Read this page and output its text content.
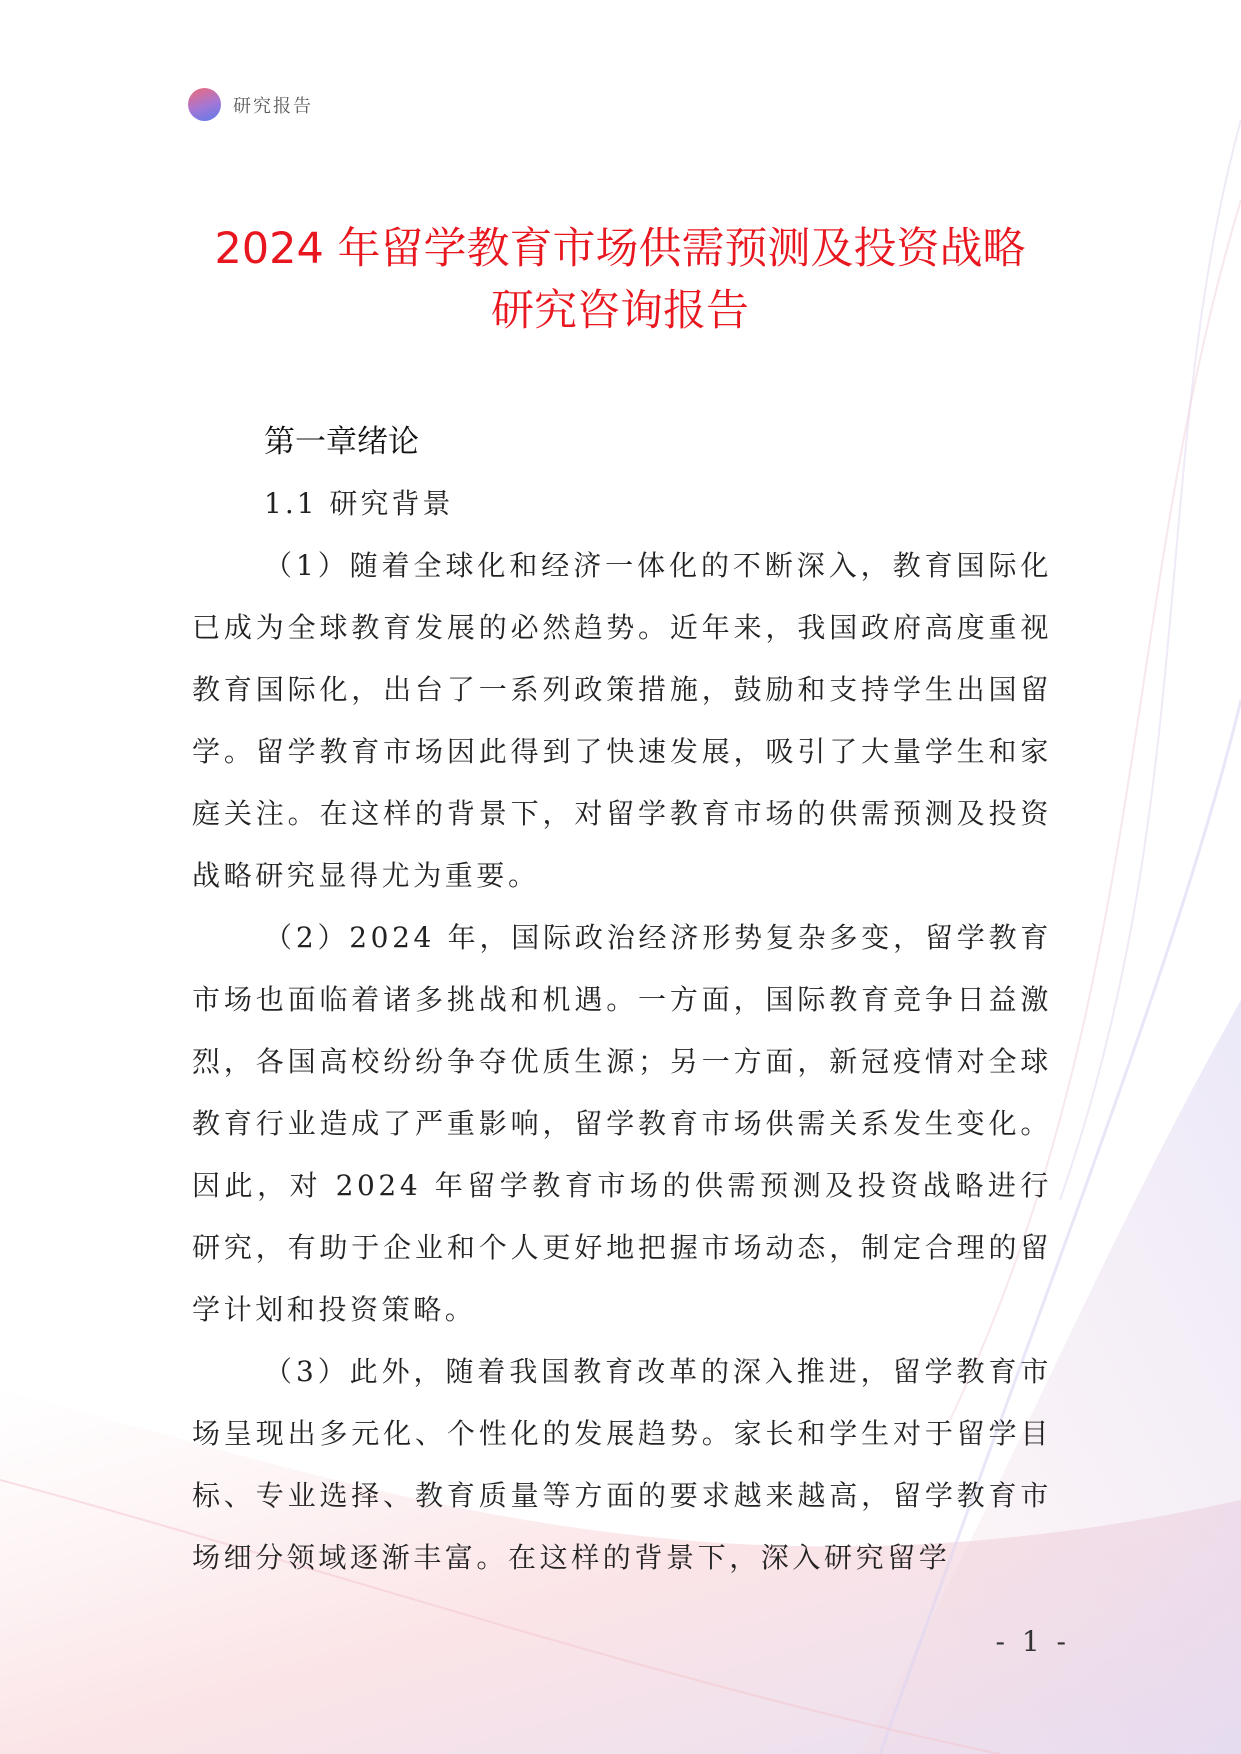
研究报告
2024 年留学教育市场供需预测及投资战略
研究咨询报告
第一章绪论
1.1 研究背景

（1）随着全球化和经济一体化的不断深入，教育国际化已成为全球教育发展的必然趋势。近年来，我国政府高度重视教育国际化，出台了一系列政策措施，鼓励和支持学生出国留学。留学教育市场因此得到了快速发展，吸引了大量学生和家庭关注。在这样的背景下，对留学教育市场的供需预测及投资战略研究显得尤为重要。

（2）2024 年，国际政治经济形势复杂多变，留学教育市场也面临着诸多挑战和机遇。一方面，国际教育竞争日益激烈，各国高校纷纷争夺优质生源；另一方面，新冠疫情对全球教育行业造成了严重影响，留学教育市场供需关系发生变化。因此，对 2024 年留学教育市场的供需预测及投资战略进行研究，有助于企业和个人更好地把握市场动态，制定合理的留学计划和投资策略。

（3）此外，随着我国教育改革的深入推进，留学教育市场呈现出多元化、个性化的发展趋势。家长和学生对于留学目标、专业选择、教育质量等方面的要求越来越高，留学教育市场细分领域逐渐丰富。在这样的背景下，深入研究留学

- 1 -
